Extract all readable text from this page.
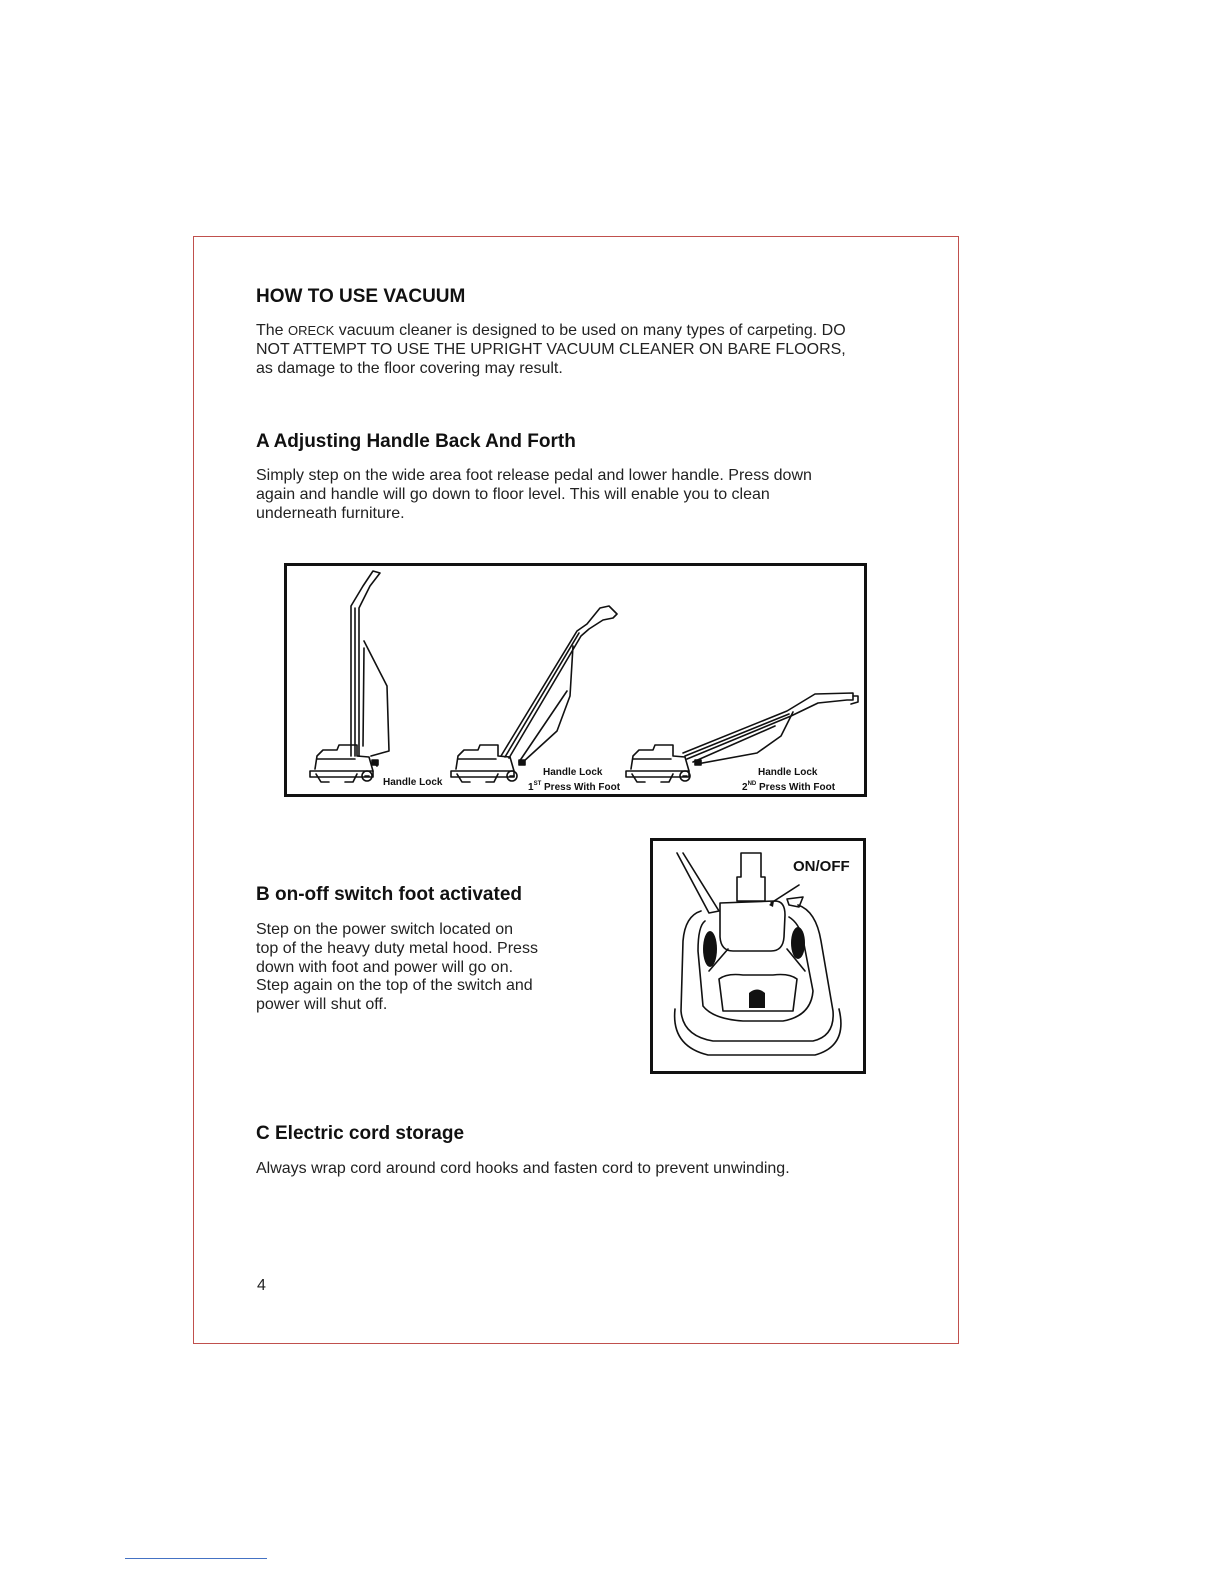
HOW TO USE VACUUM

The ORECK vacuum cleaner is designed to be used on many types of carpeting. DO

NOT ATTEMPT TO USE THE UPRIGHT VACUUM CLEANER ON BARE FLOORS,

as damage to the floor covering may result.

A Adjusting Handle Back And Forth

Simply step on the wide area foot release pedal and lower handle. Press down

again and handle will go down to floor level. This will enable you to clean

underneath furniture.

Handle Lock
Handle Lock
1ST Press With Foot
Handle Lock
2ND Press With Foot
B on-off switch foot activated

Step on the power switch located on

top of the heavy duty metal hood. Press

down with foot and power will go on.

Step again on the top of the switch and

power will shut off.

ON/OFF
C Electric cord storage

Always wrap cord around cord hooks and fasten cord to prevent unwinding.

4
